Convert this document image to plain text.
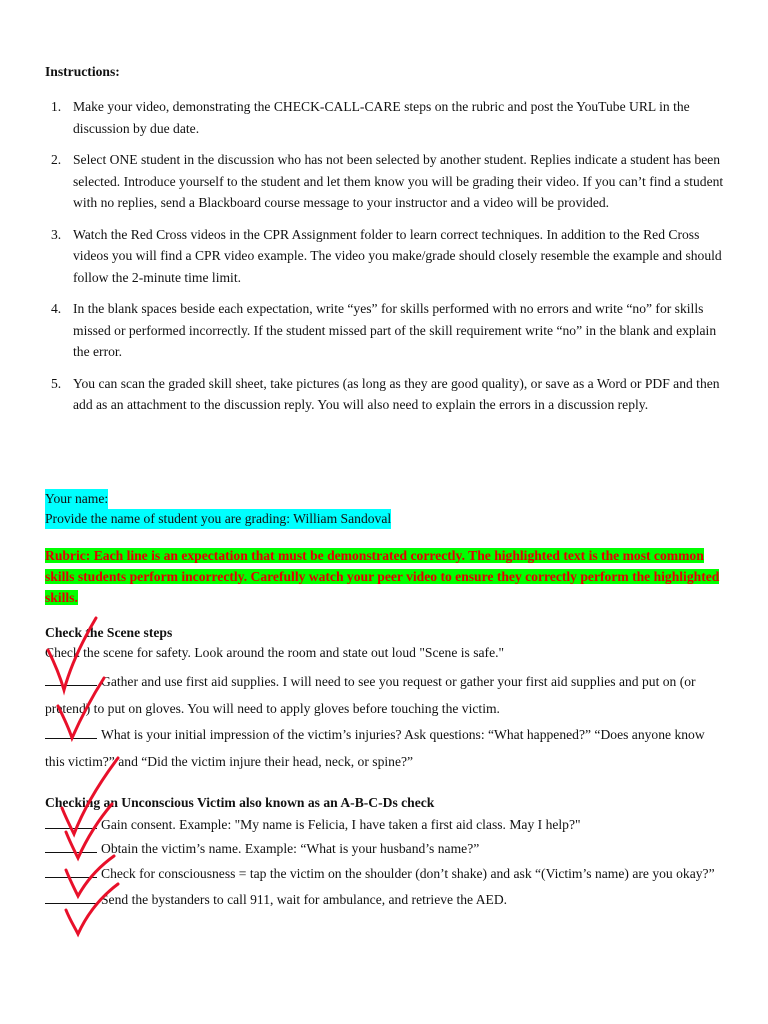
Instructions:
1. Make your video, demonstrating the CHECK-CALL-CARE steps on the rubric and post the YouTube URL in the discussion by due date.
2. Select ONE student in the discussion who has not been selected by another student. Replies indicate a student has been selected. Introduce yourself to the student and let them know you will be grading their video. If you can’t find a student with no replies, send a Blackboard course message to your instructor and a video will be provided.
3. Watch the Red Cross videos in the CPR Assignment folder to learn correct techniques. In addition to the Red Cross videos you will find a CPR video example. The video you make/grade should closely resemble the example and should follow the 2-minute time limit.
4. In the blank spaces beside each expectation, write “yes” for skills performed with no errors and write “no” for skills missed or performed incorrectly. If the student missed part of the skill requirement write “no” in the blank and explain the error.
5. You can scan the graded skill sheet, take pictures (as long as they are good quality), or save as a Word or PDF and then add as an attachment to the discussion reply. You will also need to explain the errors in a discussion reply.
Your name:
Provide the name of student you are grading: William Sandoval
Rubric: Each line is an expectation that must be demonstrated correctly. The highlighted text is the most common skills students perform incorrectly. Carefully watch your peer video to ensure they correctly perform the highlighted skills.
Check the Scene steps
Check the scene for safety. Look around the room and state out loud "Scene is safe."
Gather and use first aid supplies. I will need to see you request or gather your first aid supplies and put on (or pretend) to put on gloves. You will need to apply gloves before touching the victim.
What is your initial impression of the victim’s injuries? Ask questions: “What happened?” “Does anyone know this victim?” and “Did the victim injure their head, neck, or spine?”
Checking an Unconscious Victim also known as an A-B-C-Ds check
Gain consent. Example: "My name is Felicia, I have taken a first aid class. May I help?"
Obtain the victim’s name. Example: “What is your husband’s name?”
Check for consciousness = tap the victim on the shoulder (don’t shake) and ask “(Victim’s name) are you okay?”
Send the bystanders to call 911, wait for ambulance, and retrieve the AED.
